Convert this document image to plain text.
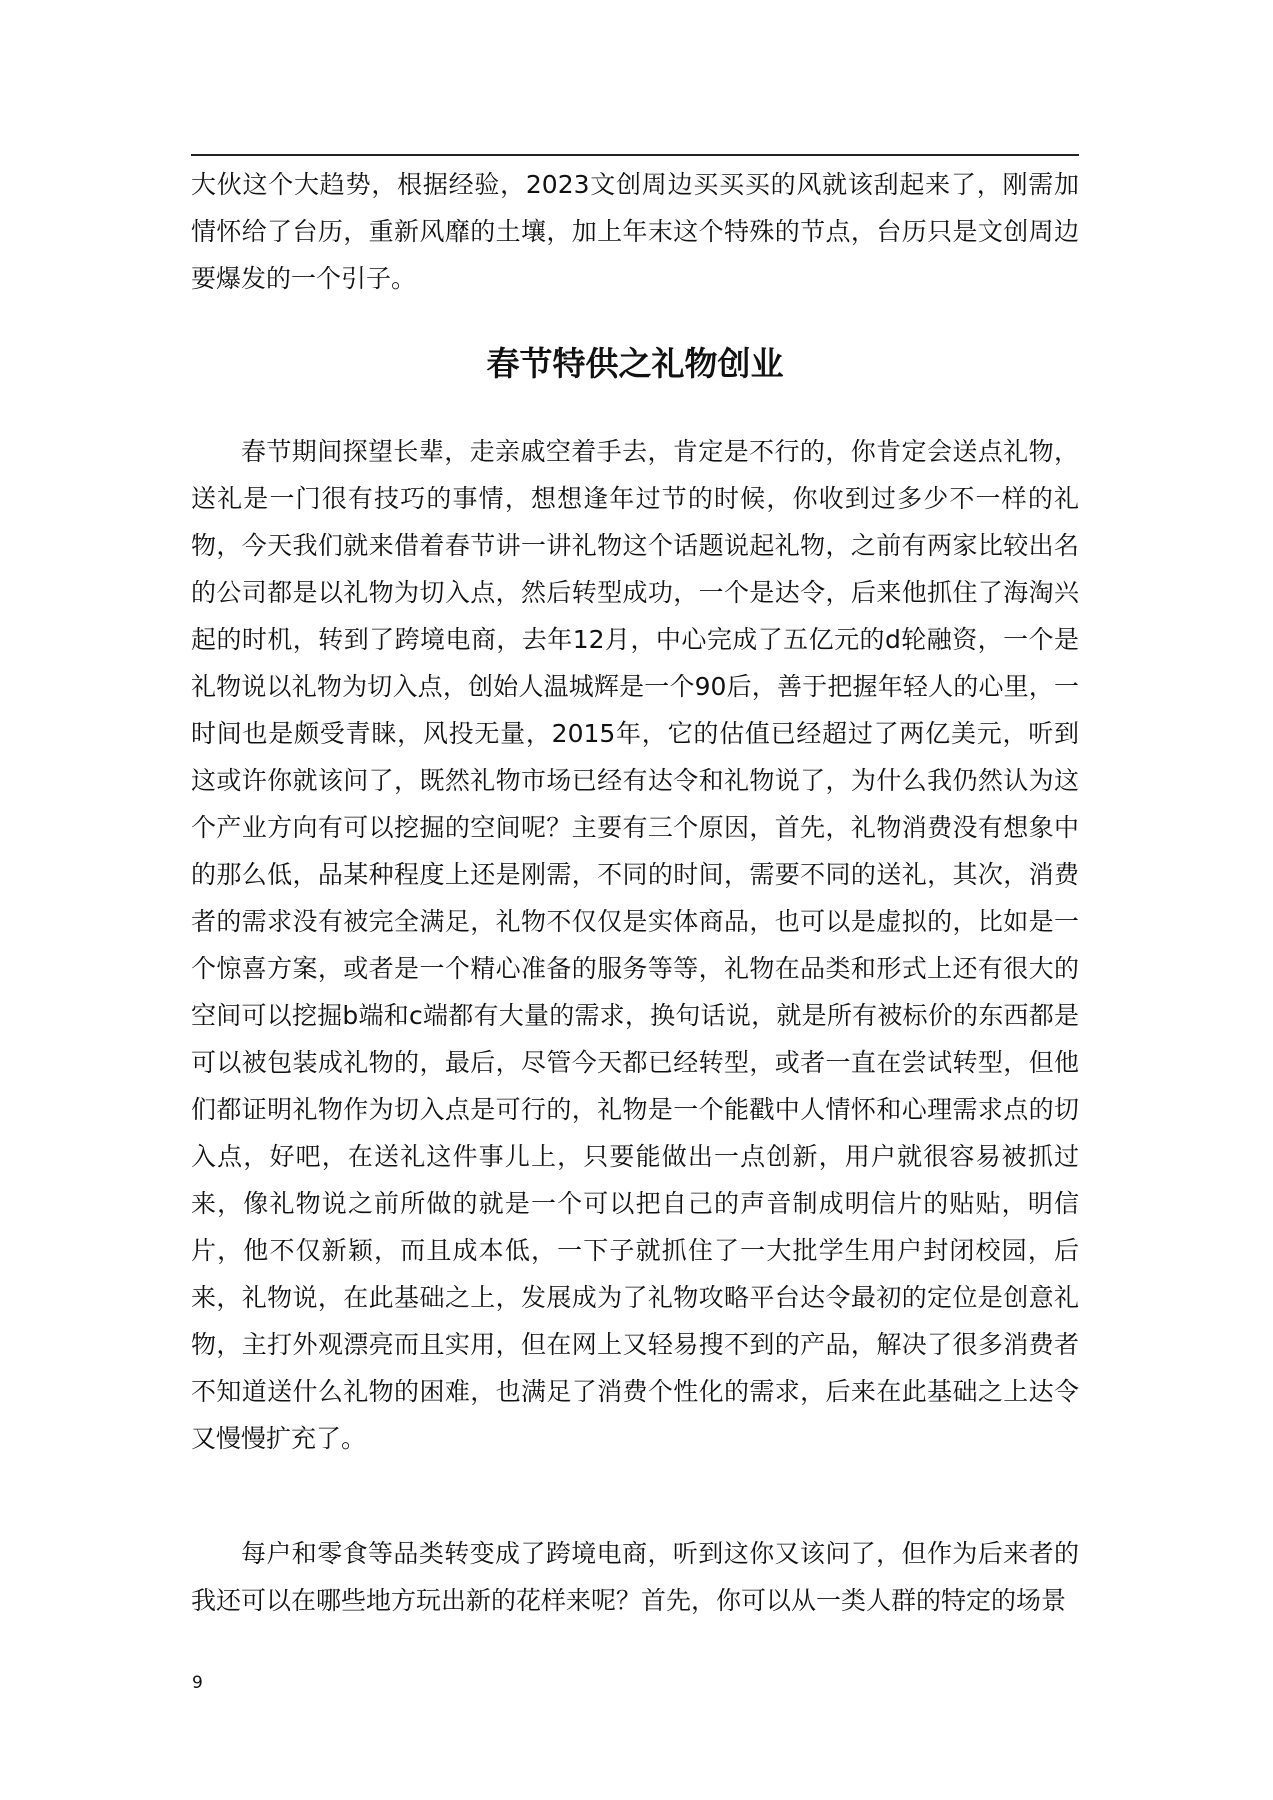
大伙这个大趋势，根据经验，2023文创周边买买买的风就该刮起来了，刚需加情怀给了台历，重新风靡的土壤，加上年末这个特殊的节点，台历只是文创周边要爆发的一个引子。

春节特供之礼物创业

春节期间探望长辈，走亲戚空着手去，肯定是不行的，你肯定会送点礼物，送礼是一门很有技巧的事情，想想逢年过节的时候，你收到过多少不一样的礼物，今天我们就来借着春节讲一讲礼物这个话题说起礼物，之前有两家比较出名的公司都是以礼物为切入点，然后转型成功，一个是达令，后来他抓住了海淘兴起的时机，转到了跨境电商，去年12月，中心完成了五亿元的d轮融资，一个是礼物说以礼物为切入点，创始人温城辉是一个90后，善于把握年轻人的心里，一时间也是颇受青睐，风投无量，2015年，它的估值已经超过了两亿美元，听到这或许你就该问了，既然礼物市场已经有达令和礼物说了，为什么我仍然认为这个产业方向有可以挖掘的空间呢？主要有三个原因，首先，礼物消费没有想象中的那么低，品某种程度上还是刚需，不同的时间，需要不同的送礼，其次，消费者的需求没有被完全满足，礼物不仅仅是实体商品，也可以是虚拟的，比如是一个惊喜方案，或者是一个精心准备的服务等等，礼物在品类和形式上还有很大的空间可以挖掘b端和c端都有大量的需求，换句话说，就是所有被标价的东西都是可以被包装成礼物的，最后，尽管今天都已经转型，或者一直在尝试转型，但他们都证明礼物作为切入点是可行的，礼物是一个能戳中人情怀和心理需求点的切入点，好吧，在送礼这件事儿上，只要能做出一点创新，用户就很容易被抓过来，像礼物说之前所做的就是一个可以把自己的声音制成明信片的贴贴，明信片，他不仅新颖，而且成本低，一下子就抓住了一大批学生用户封闭校园，后来，礼物说，在此基础之上，发展成为了礼物攻略平台达令最初的定位是创意礼物，主打外观漂亮而且实用，但在网上又轻易搜不到的产品，解决了很多消费者不知道送什么礼物的困难，也满足了消费个性化的需求，后来在此基础之上达令又慢慢扩充了。

每户和零食等品类转变成了跨境电商，听到这你又该问了，但作为后来者的我还可以在哪些地方玩出新的花样来呢？首先，你可以从一类人群的特定的场景

9
